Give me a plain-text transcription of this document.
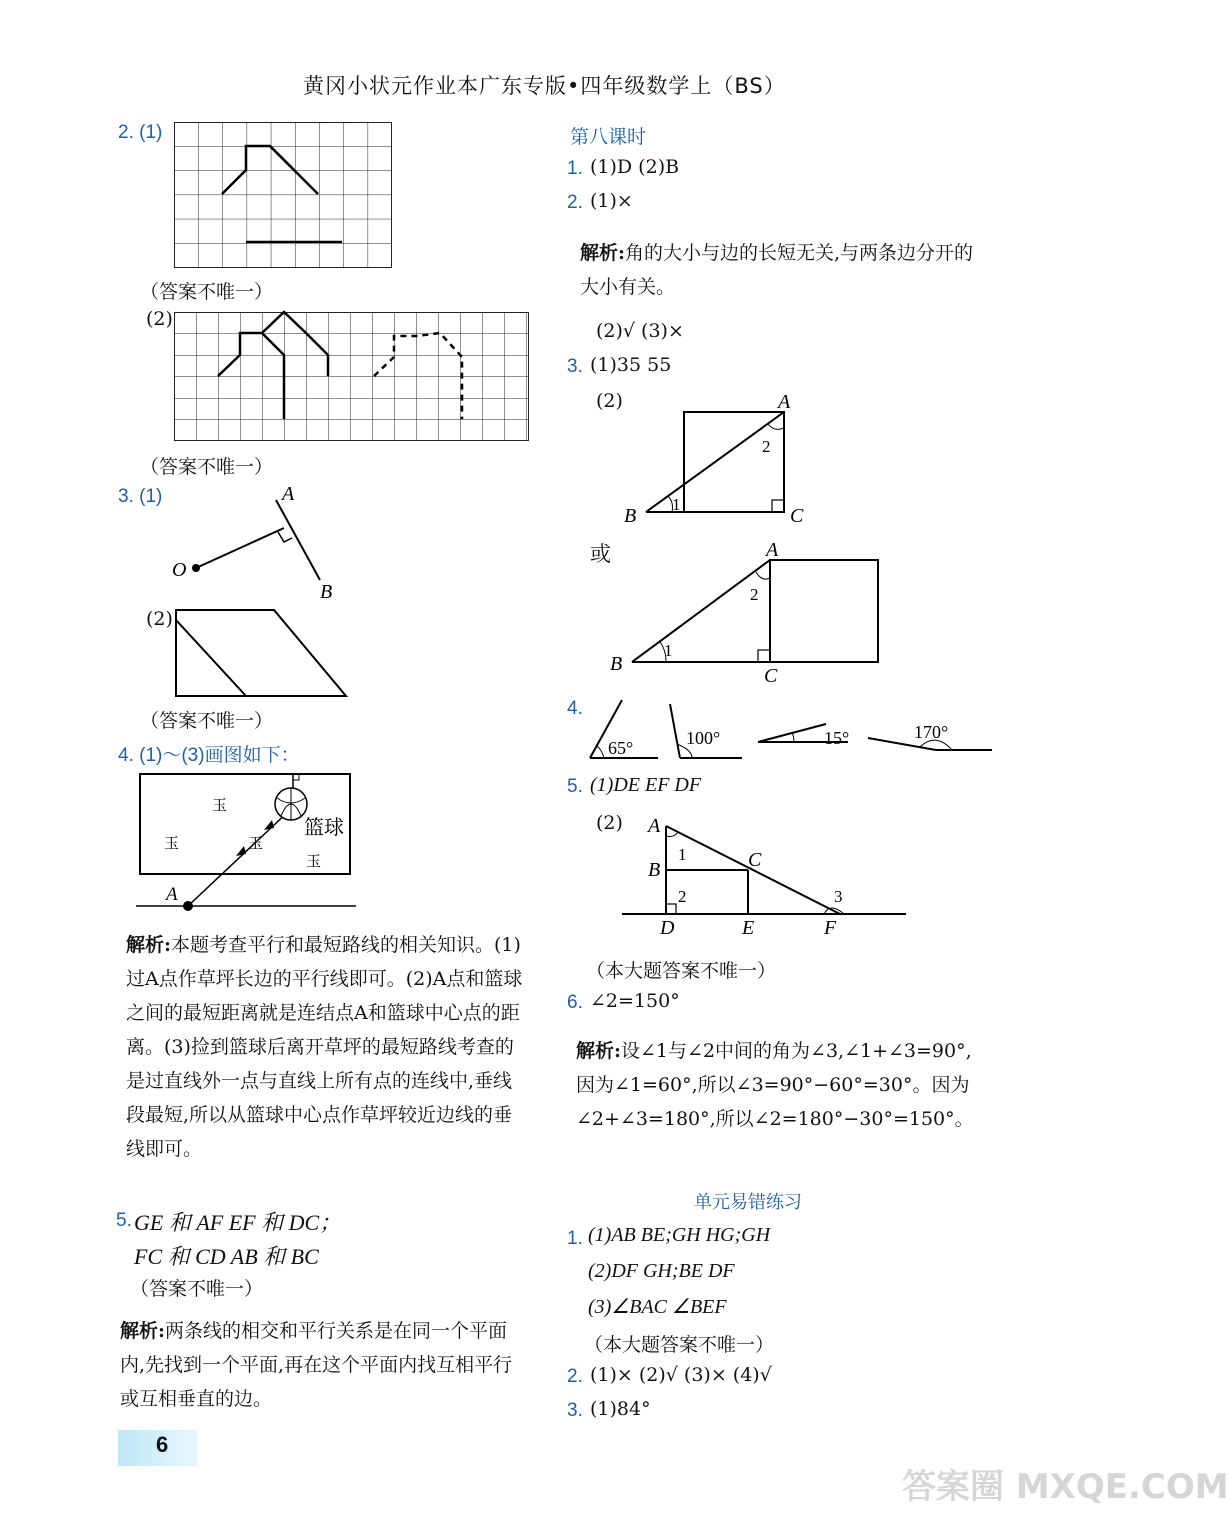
黄冈小状元作业本广东专版•四年级数学上（BS）
2. (1)
（答案不唯一）
(2)
（答案不唯一）
3. (1)	A
B
O
(2)
（答案不唯一）
4. (1)～(3)画图如下：
⽟
⽟	⽟
⽟
篮球
A
解析:本题考查平行和最短路线的相关知识。(1)过A点作草坪长边的平行线即可。(2)A点和篮球之间的最短距离就是连结点A和篮球中心点的距离。(3)捡到篮球后离开草坪的最短路线考查的是过直线外一点与直线上所有点的连线中,垂线段最短,所以从篮球中心点作草坪较近边线的垂线即可。
5. GE 和 AF EF 和 DC；
FC 和 CD AB 和 BC
（答案不唯一）
解析:两条线的相交和平行关系是在同一个平面内,先找到一个平面,再在这个平面内找互相平行或互相垂直的边。
6
第八课时
1. (1)D (2)B
2. (1)×
解析:角的大小与边的长短无关,与两条边分开的大小有关。
(2)√ (3)×
3. (1)35 55
(2)	A
B	C
1
2
或	A
B
C
1
2
4.
65°	100°	15°	170°
5. (1)DE EF DF
(2) A
B	C
D	E	F
1
2	3
（本大题答案不唯一）
6. ∠2=150°
解析:设∠1与∠2中间的角为∠3,∠1+∠3=90°,因为∠1=60°,所以∠3=90°−60°=30°。因为∠2+∠3=180°,所以∠2=180°−30°=150°。
单元易错练习
1. (1)AB BE;GH HG;GH
(2)DF GH;BE DF
(3)∠BAC ∠BEF
（本大题答案不唯一）
2. (1)× (2)√ (3)× (4)√
3. (1)84°
答案圈 MXQE.COM
